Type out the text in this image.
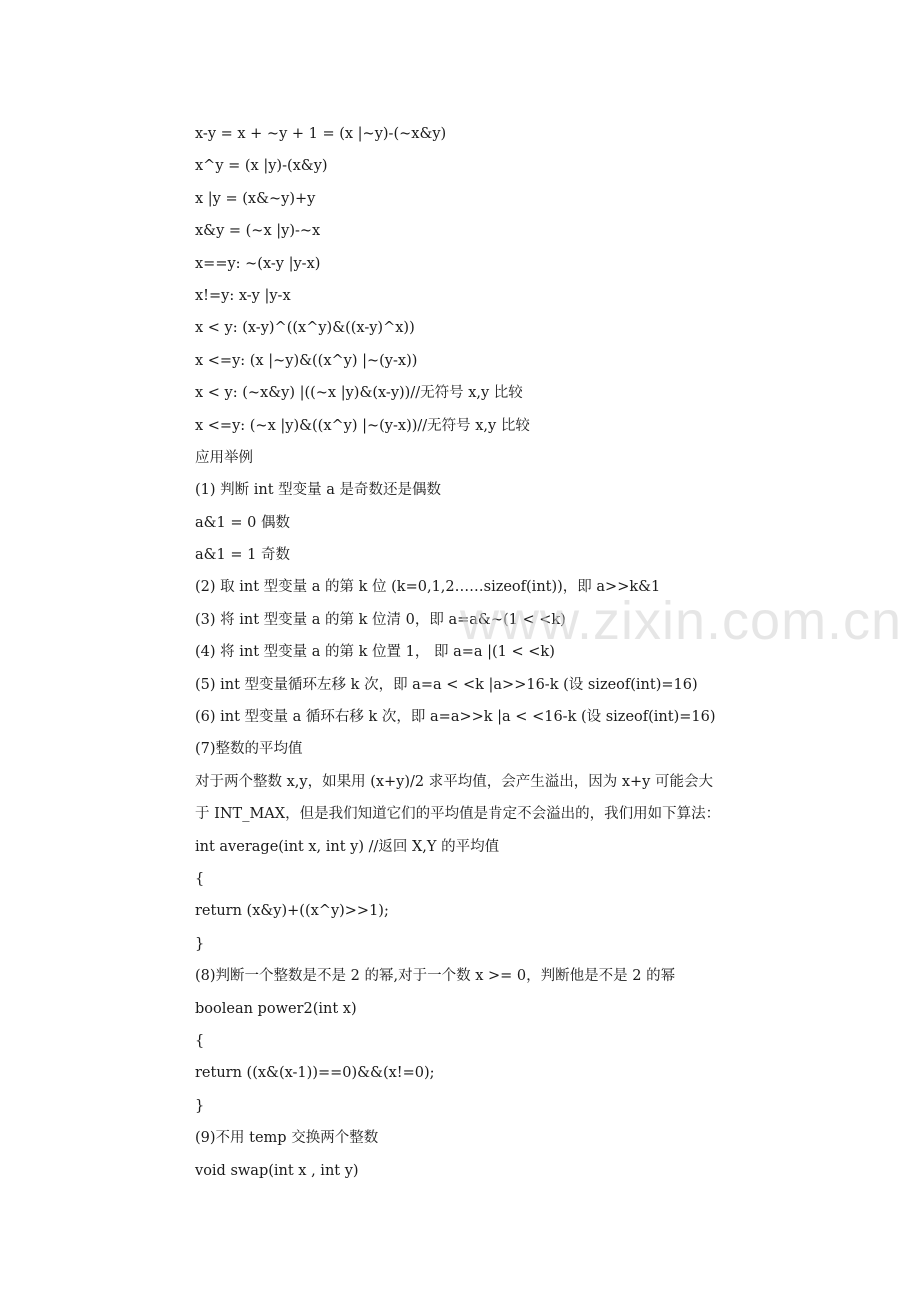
x-y = x + ~y + 1 = (x |~y)-(~x&y)

x^y = (x |y)-(x&y)

x |y = (x&~y)+y

x&y = (~x |y)-~x

x==y: ~(x-y |y-x)

x!=y: x-y |y-x

x < y: (x-y)^((x^y)&((x-y)^x))

x <=y: (x |~y)&((x^y) |~(y-x))

x < y: (~x&y) |((~x |y)&(x-y))//无符号 x,y 比较

x <=y: (~x |y)&((x^y) |~(y-x))//无符号 x,y 比较

应用举例

(1) 判断 int 型变量 a 是奇数还是偶数

a&1 = 0 偶数

a&1 = 1 奇数

(2) 取 int 型变量 a 的第 k 位 (k=0,1,2……sizeof(int))，即 a>>k&1

(3) 将 int 型变量 a 的第 k 位清 0，即 a=a&~(1 < <k)

(4) 将 int 型变量 a 的第 k 位置 1， 即 a=a |(1 < <k)

(5) int 型变量循环左移 k 次，即 a=a < <k |a>>16-k (设 sizeof(int)=16)

(6) int 型变量 a 循环右移 k 次，即 a=a>>k |a < <16-k (设 sizeof(int)=16)

(7)整数的平均值

对于两个整数 x,y，如果用 (x+y)/2 求平均值，会产生溢出，因为 x+y 可能会大

于 INT_MAX，但是我们知道它们的平均值是肯定不会溢出的，我们用如下算法：

int average(int x, int y) //返回 X,Y 的平均值

{

return (x&y)+((x^y)>>1);

}

(8)判断一个整数是不是 2 的幂,对于一个数 x >= 0，判断他是不是 2 的幂

boolean power2(int x)

{

return ((x&(x-1))==0)&&(x!=0);

}

(9)不用 temp 交换两个整数

void swap(int x , int y)

www.zixin.com.cn
